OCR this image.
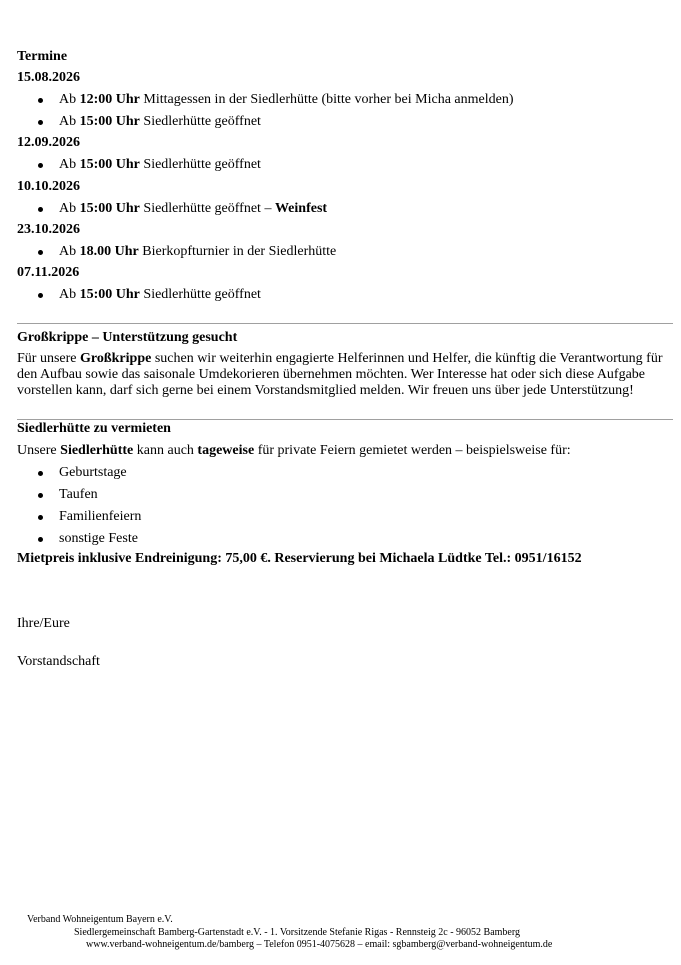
Termine
15.08.2026
Ab 12:00 Uhr Mittagessen in der Siedlerhütte (bitte vorher bei Micha anmelden)
Ab 15:00 Uhr Siedlerhütte geöffnet
12.09.2026
Ab 15:00 Uhr Siedlerhütte geöffnet
10.10.2026
Ab 15:00 Uhr Siedlerhütte geöffnet – Weinfest
23.10.2026
Ab 18.00 Uhr Bierkopfturnier in der Siedlerhütte
07.11.2026
Ab 15:00 Uhr Siedlerhütte geöffnet
Großkrippe – Unterstützung gesucht
Für unsere Großkrippe suchen wir weiterhin engagierte Helferinnen und Helfer, die künftig die Verantwortung für den Aufbau sowie das saisonale Umdekorieren übernehmen möchten. Wer Interesse hat oder sich diese Aufgabe vorstellen kann, darf sich gerne bei einem Vorstandsmitglied melden. Wir freuen uns über jede Unterstützung!
Siedlerhütte zu vermieten
Unsere Siedlerhütte kann auch tageweise für private Feiern gemietet werden – beispielsweise für:
Geburtstage
Taufen
Familienfeiern
sonstige Feste
Mietpreis inklusive Endreinigung: 75,00 €. Reservierung bei Michaela Lüdtke Tel.: 0951/16152
Ihre/Eure
Vorstandschaft
Verband Wohneigentum Bayern e.V.
Siedlergemeinschaft Bamberg-Gartenstadt e.V. - 1. Vorsitzende Stefanie Rigas - Rennsteig 2c - 96052 Bamberg
www.verband-wohneigentum.de/bamberg – Telefon 0951-4075628 – email: sgbamberg@verband-wohneigentum.de
